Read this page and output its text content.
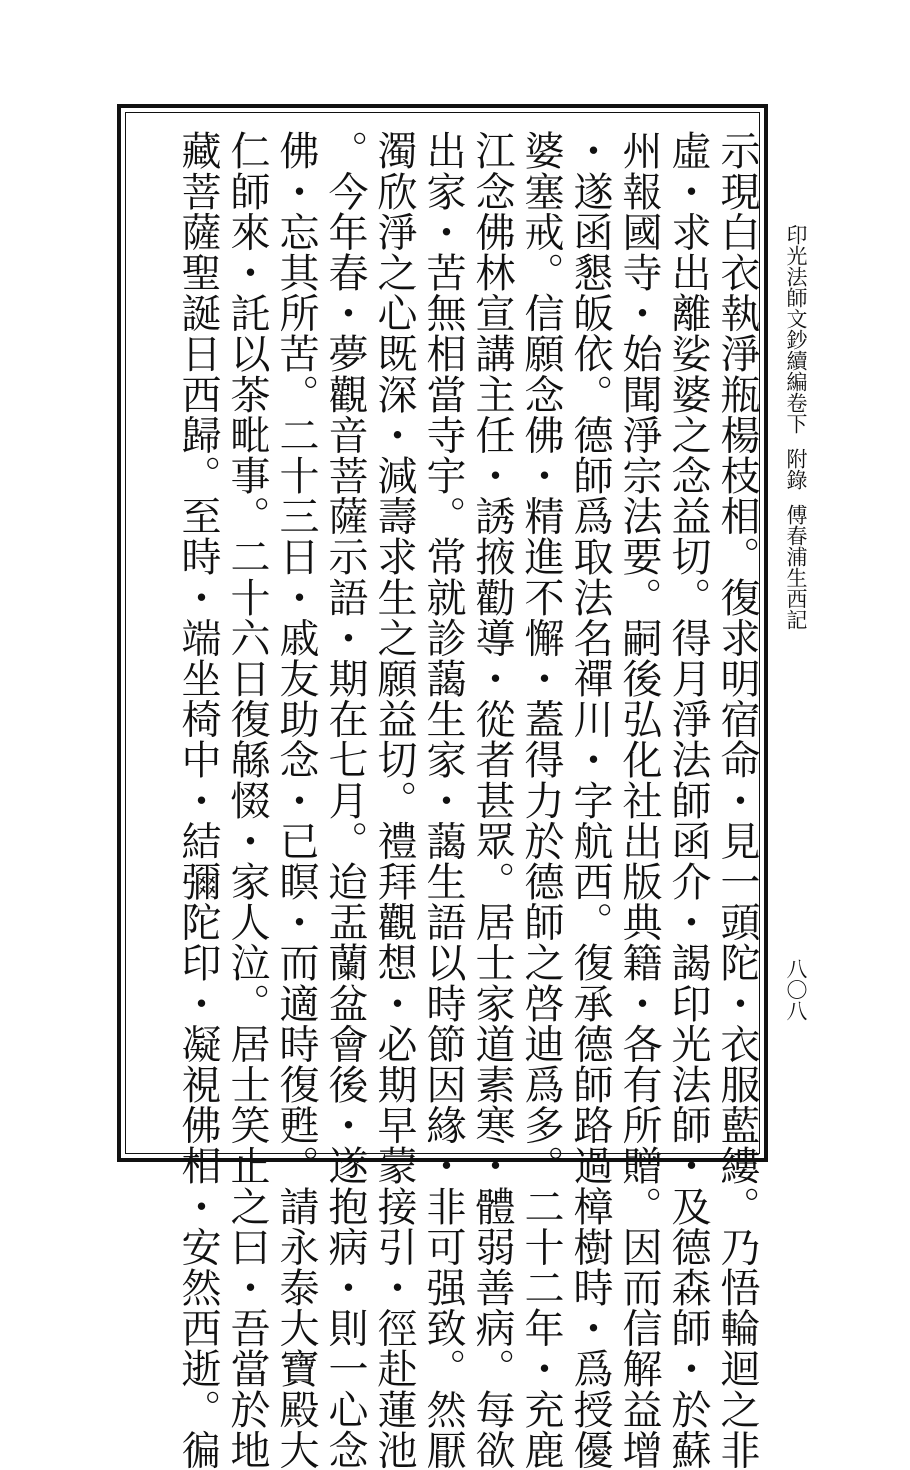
印光法師文鈔續編卷下附錄傅春浦生西記
八〇八
示現白衣執淨瓶楊枝相。復求明宿命・見一頭陀・衣服藍縷。乃悟輪迴之非
虛・求出離娑婆之念益切。得月淨法師函介・謁印光法師・及德森師・於蘇
州報國寺・始聞淨宗法要。嗣後弘化社出版典籍・各有所贈。因而信解益增
・遂函懇皈依。德師爲取法名禪川・字航西。復承德師路過樟樹時・爲授優
婆塞戒。信願念佛・精進不懈・蓋得力於德師之啓迪爲多。二十二年・充鹿
江念佛林宣講主任・誘掖勸導・從者甚眾。居士家道素寒・體弱善病。每欲
出家・苦無相當寺宇。常就診藹生家・藹生語以時節因緣・非可强致。然厭
濁欣淨之心既深・減壽求生之願益切。禮拜觀想・必期早蒙接引・徑赴蓮池
。今年春・夢觀音菩薩示語・期在七月。迨盂蘭盆會後・遂抱病・則一心念
佛・忘其所苦。二十三日・戚友助念・已瞑・而適時復甦。請永泰大寶殿大
仁師來・託以茶毗事。二十六日復緜惙・家人泣。居士笑止之曰・吾當於地
藏菩薩聖誕日西歸。至時・端坐椅中・結彌陀印・凝視佛相・安然西逝。徧
